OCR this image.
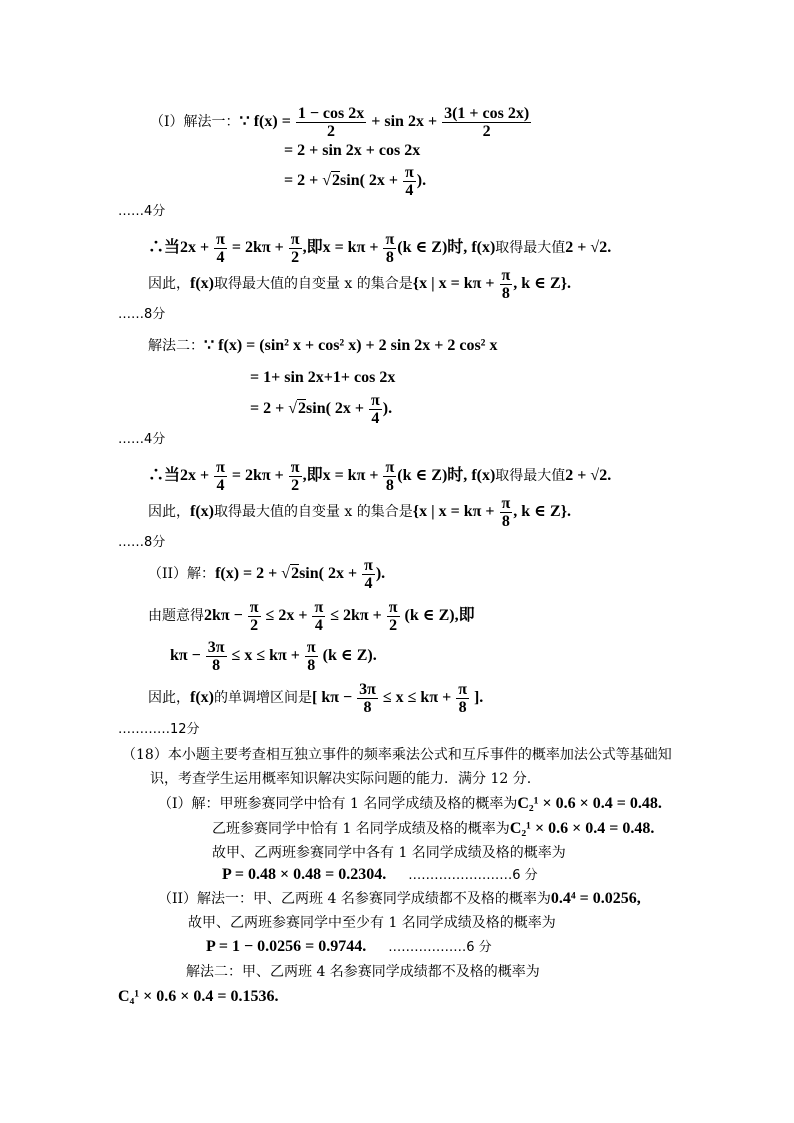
（I）解法一：∵ $f(x) = \frac{1 - \cos 2x}{2} + \sin 2x + \frac{3(1 + \cos 2x)}{2}$
= 2 + sin 2x + cos 2x
= 2 + √2sin( $2x + \frac{\pi}{4}$ ).
……4分
∴当$2x + \frac{\pi}{4} = 2k\pi + \frac{\pi}{2}$ ,即$x = k\pi + \frac{\pi}{8} (k$ ∈ Z)时, f(x)取得最大值2 + √2.
因此，f(x)取得最大值的自变量 x 的集合是{x | $x = k\pi + \frac{\pi}{8}$ , k ∈ Z}.
……8分
解法二：∵ f(x) = (sin² x + cos² x) + 2 sin 2x + 2 cos² x
= 1+ sin 2x+1+ cos 2x
= 2 + √2sin( $2x + \frac{\pi}{4}$ ).
……4分
∴当$2x + \frac{\pi}{4} = 2k\pi + \frac{\pi}{2}$ ,即$x = k\pi + \frac{\pi}{8} (k$ ∈ Z)时, f(x)取得最大值2 + √2.
因此，f(x)取得最大值的自变量 x 的集合是{x | $x = k\pi + \frac{\pi}{8}$ , k ∈ Z}.
……8分
（II）解：f(x) = 2 + √2sin( $2x + \frac{\pi}{4}$ ).
由题意得$2k\pi - \frac{\pi}{2} \le 2x + \frac{\pi}{4} \le 2k\pi + \frac{\pi}{2} (k$ ∈ Z),即
$k\pi - \frac{3\pi}{8} \le x \le k\pi + \frac{\pi}{8} (k$ ∈ Z).
因此，f(x)的单调增区间是[ $k\pi - \frac{3\pi}{8} \le x \le k\pi + \frac{\pi}{8}$ ].
…………12分
（18）本小题主要考查相互独立事件的频率乘法公式和互斥事件的概率加法公式等基础知
识，考查学生运用概率知识解决实际问题的能力．满分 12 分.
（I）解：甲班参赛同学中恰有 1 名同学成绩及格的概率为C₂¹ × 0.6 × 0.4 = 0.48.
乙班参赛同学中恰有 1 名同学成绩及格的概率为C₂¹ × 0.6 × 0.4 = 0.48.
故甲、乙两班参赛同学中各有 1 名同学成绩及格的概率为
P = 0.48 × 0.48 = 0.2304. ……………………6 分
（II）解法一：甲、乙两班 4 名参赛同学成绩都不及格的概率为0.4⁴ = 0.0256,
故甲、乙两班参赛同学中至少有 1 名同学成绩及格的概率为
P = 1 − 0.0256 = 0.9744. ………………6 分
解法二：甲、乙两班 4 名参赛同学成绩都不及格的概率为
C₄¹ × 0.6 × 0.4 = 0.1536.
